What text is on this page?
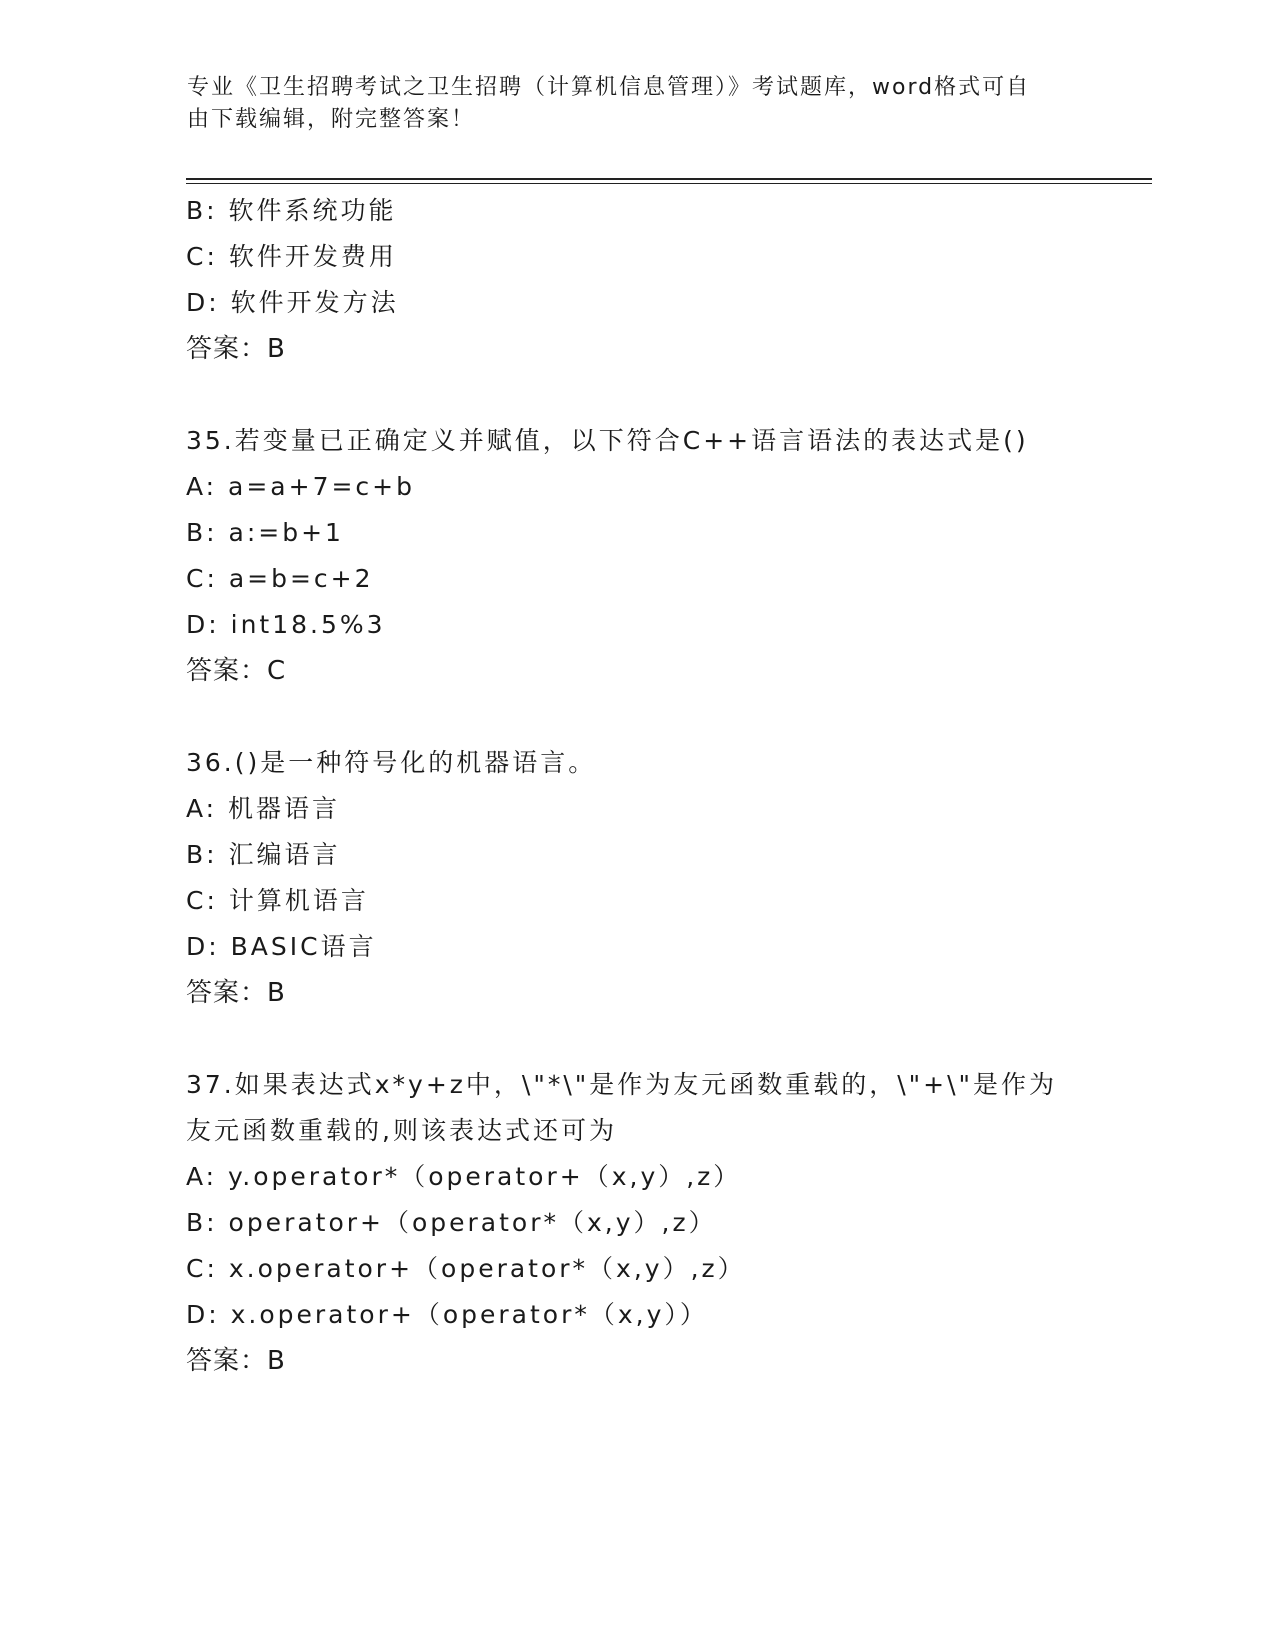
专业《卫生招聘考试之卫生招聘（计算机信息管理）》考试题库，word格式可自
由下载编辑，附完整答案！
B: 软件系统功能
C: 软件开发费用
D: 软件开发方法
答案：B
35.若变量已正确定义并赋值，以下符合C++语言语法的表达式是()
A: a=a+7=c+b
B: a:=b+1
C: a=b=c+2
D: int18.5%3
答案：C
36.()是一种符号化的机器语言。
A: 机器语言
B: 汇编语言
C: 计算机语言
D: BASIC语言
答案：B
37.如果表达式x*y+z中，\"*\"是作为友元函数重载的，\"+\"是作为
友元函数重载的,则该表达式还可为
A: y.operator*（operator+（x,y）,z）
B: operator+（operator*（x,y）,z）
C: x.operator+（operator*（x,y）,z）
D: x.operator+（operator*（x,y））
答案：B
